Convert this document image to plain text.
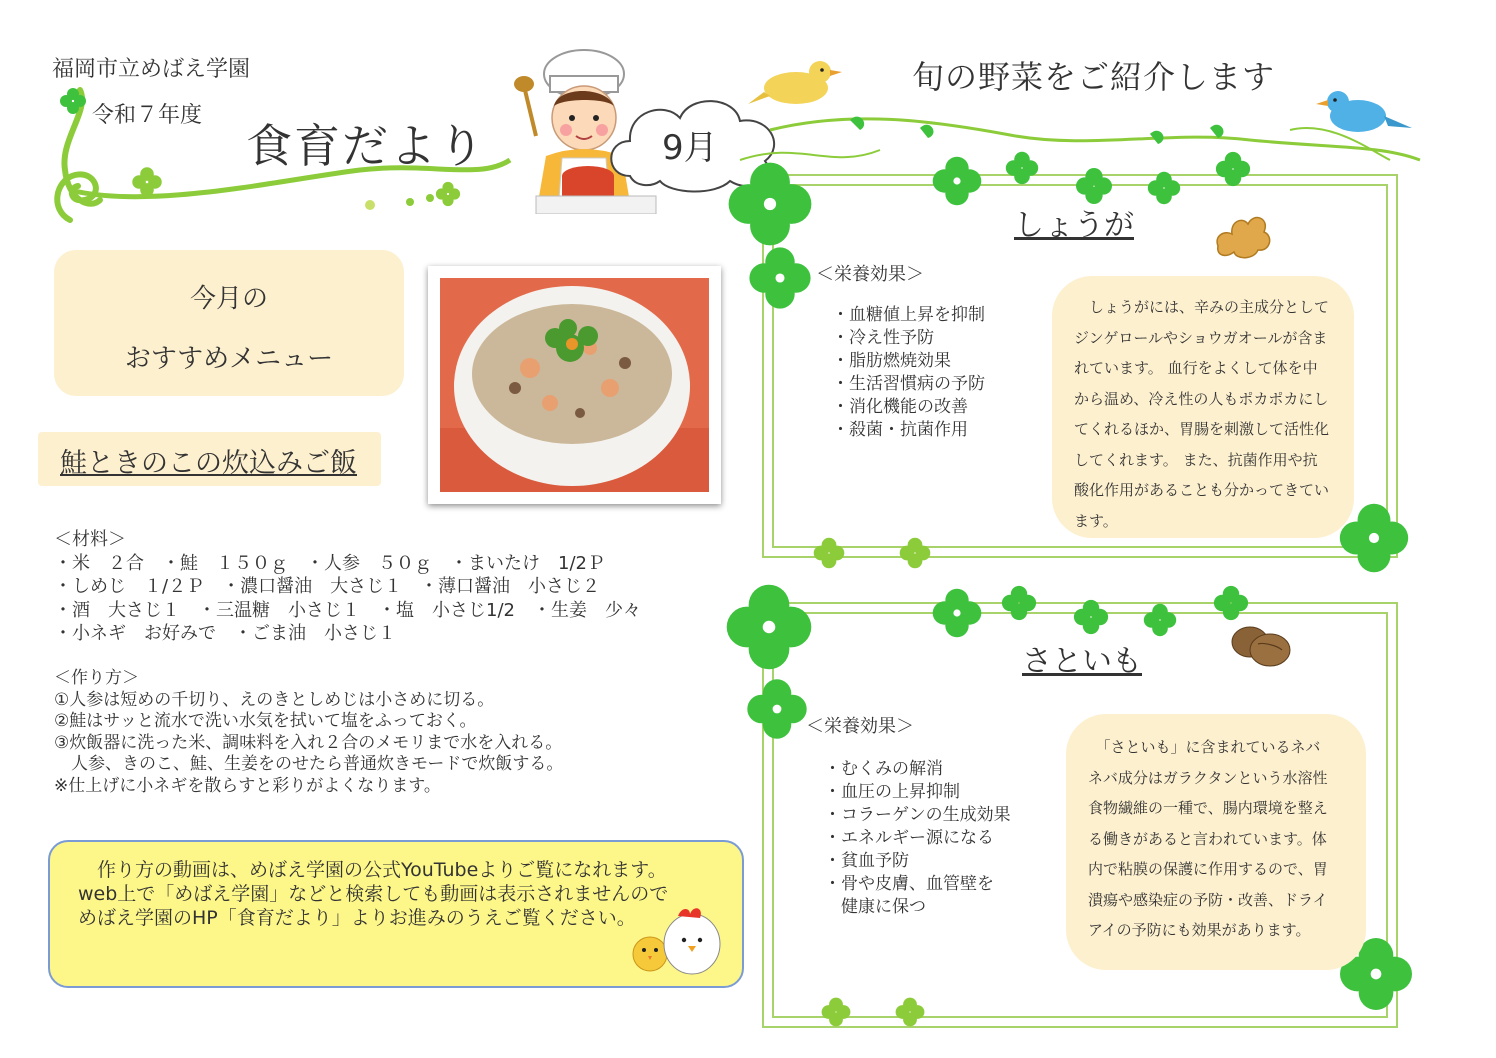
福岡市立めばえ学園
令和７年度
食育だより	9月
旬の野菜をご紹介します
今月の
おすすめメニュー
鮭ときのこの炊込みご飯
＜材料＞
・米　２合　・鮭　１５０ｇ　・人参　５０ｇ　・まいたけ　1/2Ｐ
・しめじ　１/２Ｐ　・濃口醤油　大さじ１　・薄口醤油　小さじ２
・酒　大さじ１　・三温糖　小さじ１　・塩　小さじ1/2　・生姜　少々
・小ネギ　お好みで　・ごま油　小さじ１
＜作り方＞
①人参は短めの千切り、えのきとしめじは小さめに切る。
②鮭はサッと流水で洗い水気を拭いて塩をふっておく。
③炊飯器に洗った米、調味料を入れ２合のメモリまで水を入れる。
　人参、きのこ、鮭、生姜をのせたら普通炊きモードで炊飯する。
※仕上げに小ネギを散らすと彩りがよくなります。
　作り方の動画は、めばえ学園の公式YouTubeよりご覧になれます。
web上で「めばえ学園」などと検索しても動画は表示されませんので
めばえ学園のHP「食育だより」よりお進みのうえご覧ください。
しょうが
＜栄養効果＞
・血糖値上昇を抑制
・冷え性予防
・脂肪燃焼効果
・生活習慣病の予防
・消化機能の改善
・殺菌・抗菌作用
　しょうがには、辛みの主成分として
ジンゲロールやショウガオールが含ま
れています。 血行をよくして体を中
から温め、冷え性の人もポカポカにし
てくれるほか、胃腸を刺激して活性化
してくれます。 また、抗菌作用や抗
酸化作用があることも分かってきてい
ます。
さといも
＜栄養効果＞
・むくみの解消
・血圧の上昇抑制
・コラーゲンの生成効果
・エネルギー源になる
・貧血予防
・骨や皮膚、血管壁を
　健康に保つ
　「さといも」に含まれているネバ
ネバ成分はガラクタンという水溶性
食物繊維の一種で、腸内環境を整え
る働きがあると言われています。体
内で粘膜の保護に作用するので、胃
潰瘍や感染症の予防・改善、ドライ
アイの予防にも効果があります。
